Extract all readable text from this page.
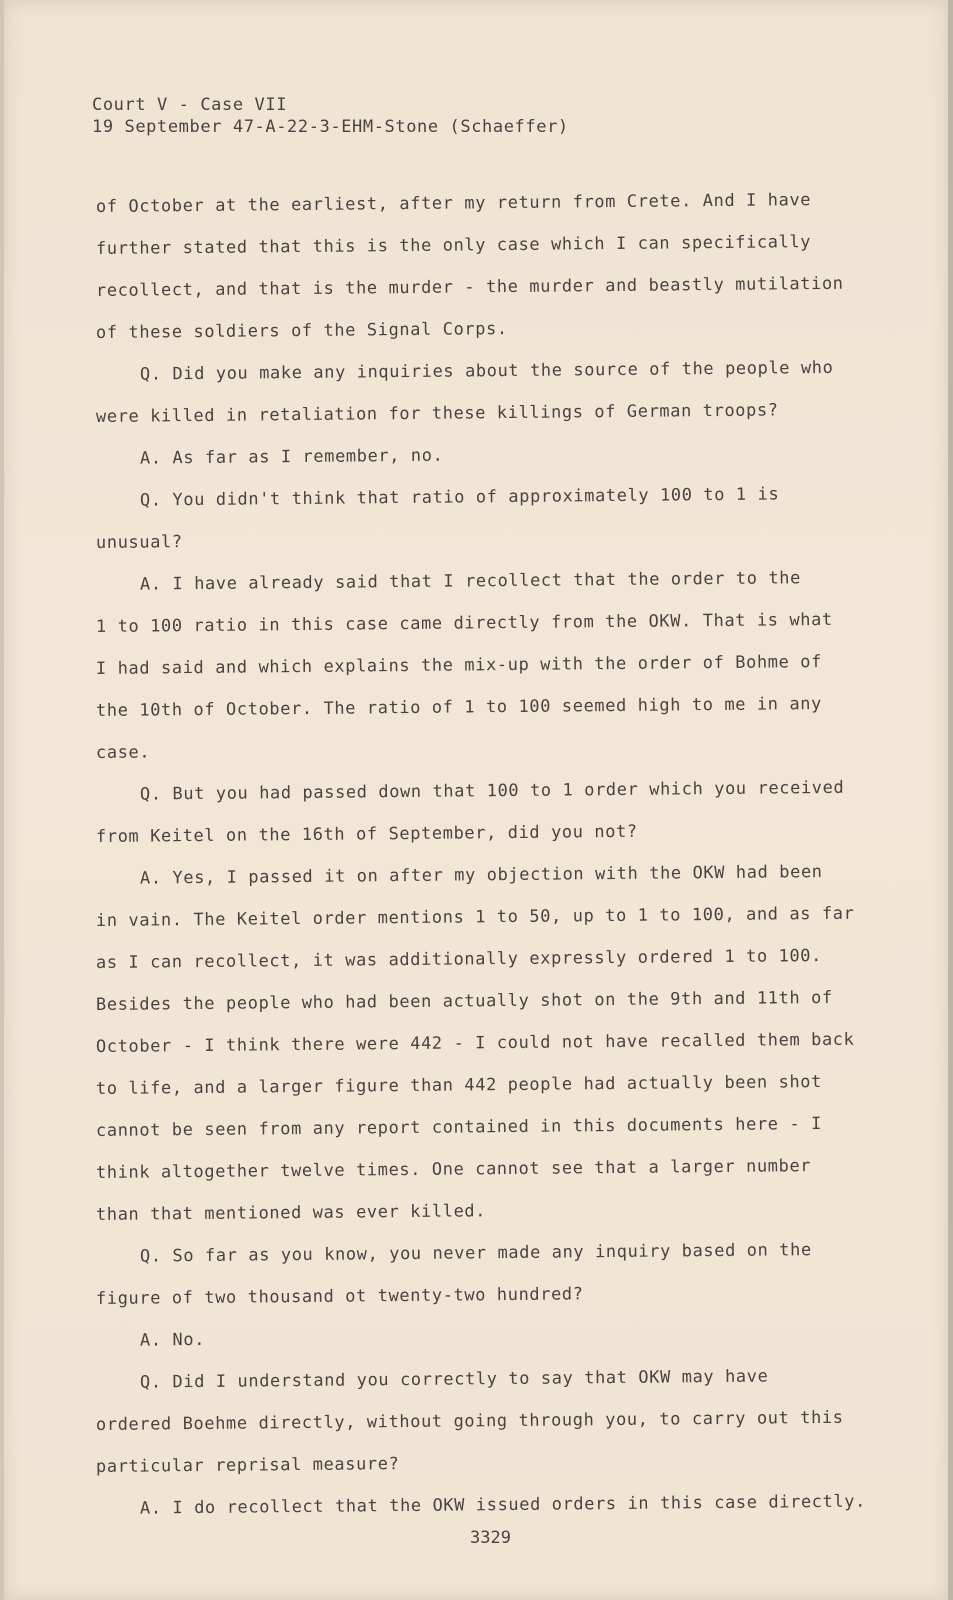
Court V - Case VII
19 September 47-A-22-3-EHM-Stone (Schaeffer)
of October at the earliest, after my return from Crete. And I have
further stated that this is the only case which I can specifically
recollect, and that is the murder - the murder and beastly mutilation
of these soldiers of the Signal Corps.
Q. Did you make any inquiries about the source of the people who
were killed in retaliation for these killings of German troops?
A. As far as I remember, no.
Q. You didn't think that ratio of approximately 100 to 1 is
unusual?
A. I have already said that I recollect that the order to the
1 to 100 ratio in this case came directly from the OKW. That is what
I had said and which explains the mix-up with the order of Bohme of
the 10th of October. The ratio of 1 to 100 seemed high to me in any
case.
Q. But you had passed down that 100 to 1 order which you received
from Keitel on the 16th of September, did you not?
A. Yes, I passed it on after my objection with the OKW had been
in vain. The Keitel order mentions 1 to 50, up to 1 to 100, and as far
as I can recollect, it was additionally expressly ordered 1 to 100.
Besides the people who had been actually shot on the 9th and 11th of
October - I think there were 442 - I could not have recalled them back
to life, and a larger figure than 442 people had actually been shot
cannot be seen from any report contained in this documents here - I
think altogether twelve times. One cannot see that a larger number
than that mentioned was ever killed.
Q. So far as you know, you never made any inquiry based on the
figure of two thousand ot twenty-two hundred?
A. No.
Q. Did I understand you correctly to say that OKW may have
ordered Boehme directly, without going through you, to carry out this
particular reprisal measure?
A. I do recollect that the OKW issued orders in this case directly.
3329
